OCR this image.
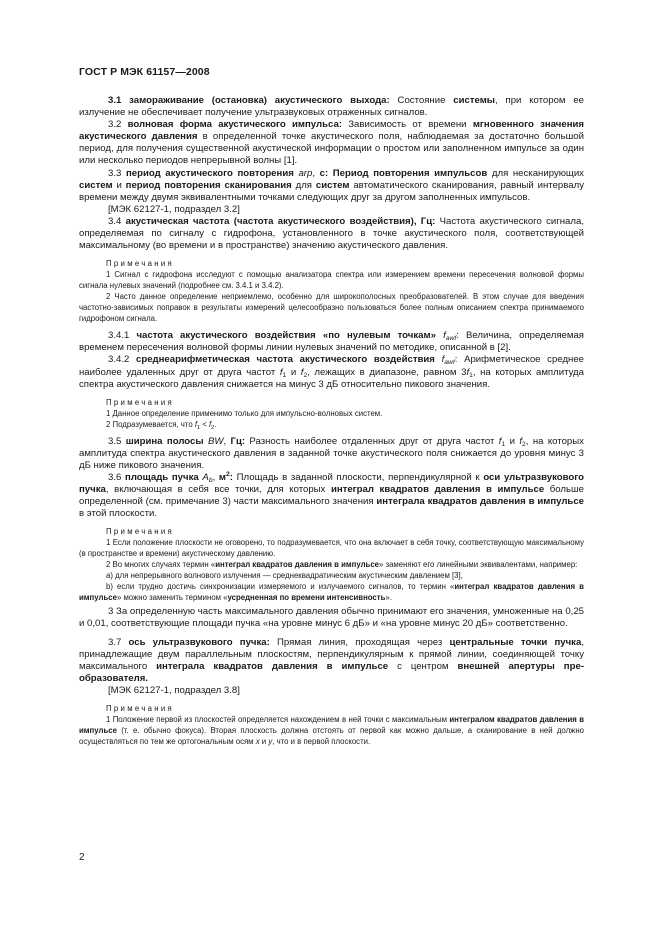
ГОСТ Р МЭК 61157—2008

3.1 замораживание (остановка) акустического выхода: Состояние системы, при котором ее излучение не обеспечивает получение ультразвуковых отраженных сигналов.

3.2 волновая форма акустического импульса: Зависимость от времени мгновенного значения акустического давления в определенной точке акустического поля, наблюдаемая за достаточно большой период, для получения существенной акустической информации о простом или заполненном импульсе за один или несколько периодов непрерывной волны [1].

3.3 период акустического повторения arp, с: Период повторения импульсов для несканирующих систем и период повторения сканирования для систем автоматического сканирования, равный интервалу времени между двумя эквивалентными точками следующих друг за другом заполненных импульсов.

[МЭК 62127-1, подраздел 3.2]

3.4 акустическая частота (частота акустического воздействия), Гц: Частота акустического сигнала, определяемая по сигналу с гидрофона, установленного в точке акустического поля, соответствующей максимальному (во времени и в пространстве) значению акустического давления.

Примечания

1 Сигнал с гидрофона исследуют с помощью анализатора спектра или измерением времени пересечения волновой формы сигнала нулевых значений (подробнее см. 3.4.1 и 3.4.2).

2 Часто данное определение неприемлемо, особенно для широкополосных преобразователей. В этом случае для введения частотно-зависимых поправок в результаты измерений целесообразно пользоваться более полным описанием спектра принимаемого гидрофоном сигнала.

3.4.1 частота акустического воздействия «по нулевым точкам» $f_{awf}$: Величина, определяемая временем пересечения волновой формы линии нулевых значений по методике, описанной в [2].

3.4.2 среднеарифметическая частота акустического воздействия $f_{awf}$: Арифметическое среднее наиболее удаленных друг от друга частот $f_1$ и $f_2$, лежащих в диапазоне, равном $3f_1$, на которых амплитуда спектра акустического давления снижается на минус 3 дБ относительно пикового значения.

Примечания

1 Данное определение применимо только для импульсно-волновых систем.

2 Подразумевается, что $f_1 < f_2$.

3.5 ширина полосы BW, Гц: Разность наиболее отдаленных друг от друга частот $f_1$ и $f_2$, на которых амплитуда спектра акустического давления в заданной точке акустического поля снижается до уровня минус 3 дБ ниже пикового значения.

3.6 площадь пучка $A_b$, $м^2$: Площадь в заданной плоскости, перпендикулярной к оси ультразвукового пучка, включающая в себя все точки, для которых интеграл квадратов давления в импульсе больше определенной (см. примечание 3) части максимального значения интеграла квадратов давления в импульсе в этой плоскости.

Примечания

1 Если положение плоскости не оговорено, то подразумевается, что она включает в себя точку, соответствующую максимальному (в пространстве и времени) акустическому давлению.

2 Во многих случаях термин «интеграл квадратов давления в импульсе» заменяют его линейными эквивалентами, например:

а) для непрерывного волнового излучения — среднеквадратическим акустическим давлением [3],

b) если трудно достичь синхронизации измеряемого и излучаемого сигналов, то термин «интеграл квадратов давления в импульсе» можно заменить термином «усредненная по времени интенсивность».

3 За определенную часть максимального давления обычно принимают его значения, умноженные на 0,25 и 0,01, соответствующие площади пучка «на уровне минус 6 дБ» и «на уровне минус 20 дБ» соответственно.

3.7 ось ультразвукового пучка: Прямая линия, проходящая через центральные точки пучка, принадлежащие двум параллельным плоскостям, перпендикулярным к прямой линии, соединяющей точку максимального интеграла квадратов давления в импульсе с центром внешней апертуры преобразователя.

[МЭК 62127-1, подраздел 3.8]

Примечания

1 Положение первой из плоскостей определяется нахождением в ней точки с максимальным интегралом квадратов давления в импульсе (т. е. обычно фокуса). Вторая плоскость должна отстоять от первой как можно дальше, а сканирование в ней должно осуществляться по тем же ортогональным осям x и y, что и в первой плоскости.

2
